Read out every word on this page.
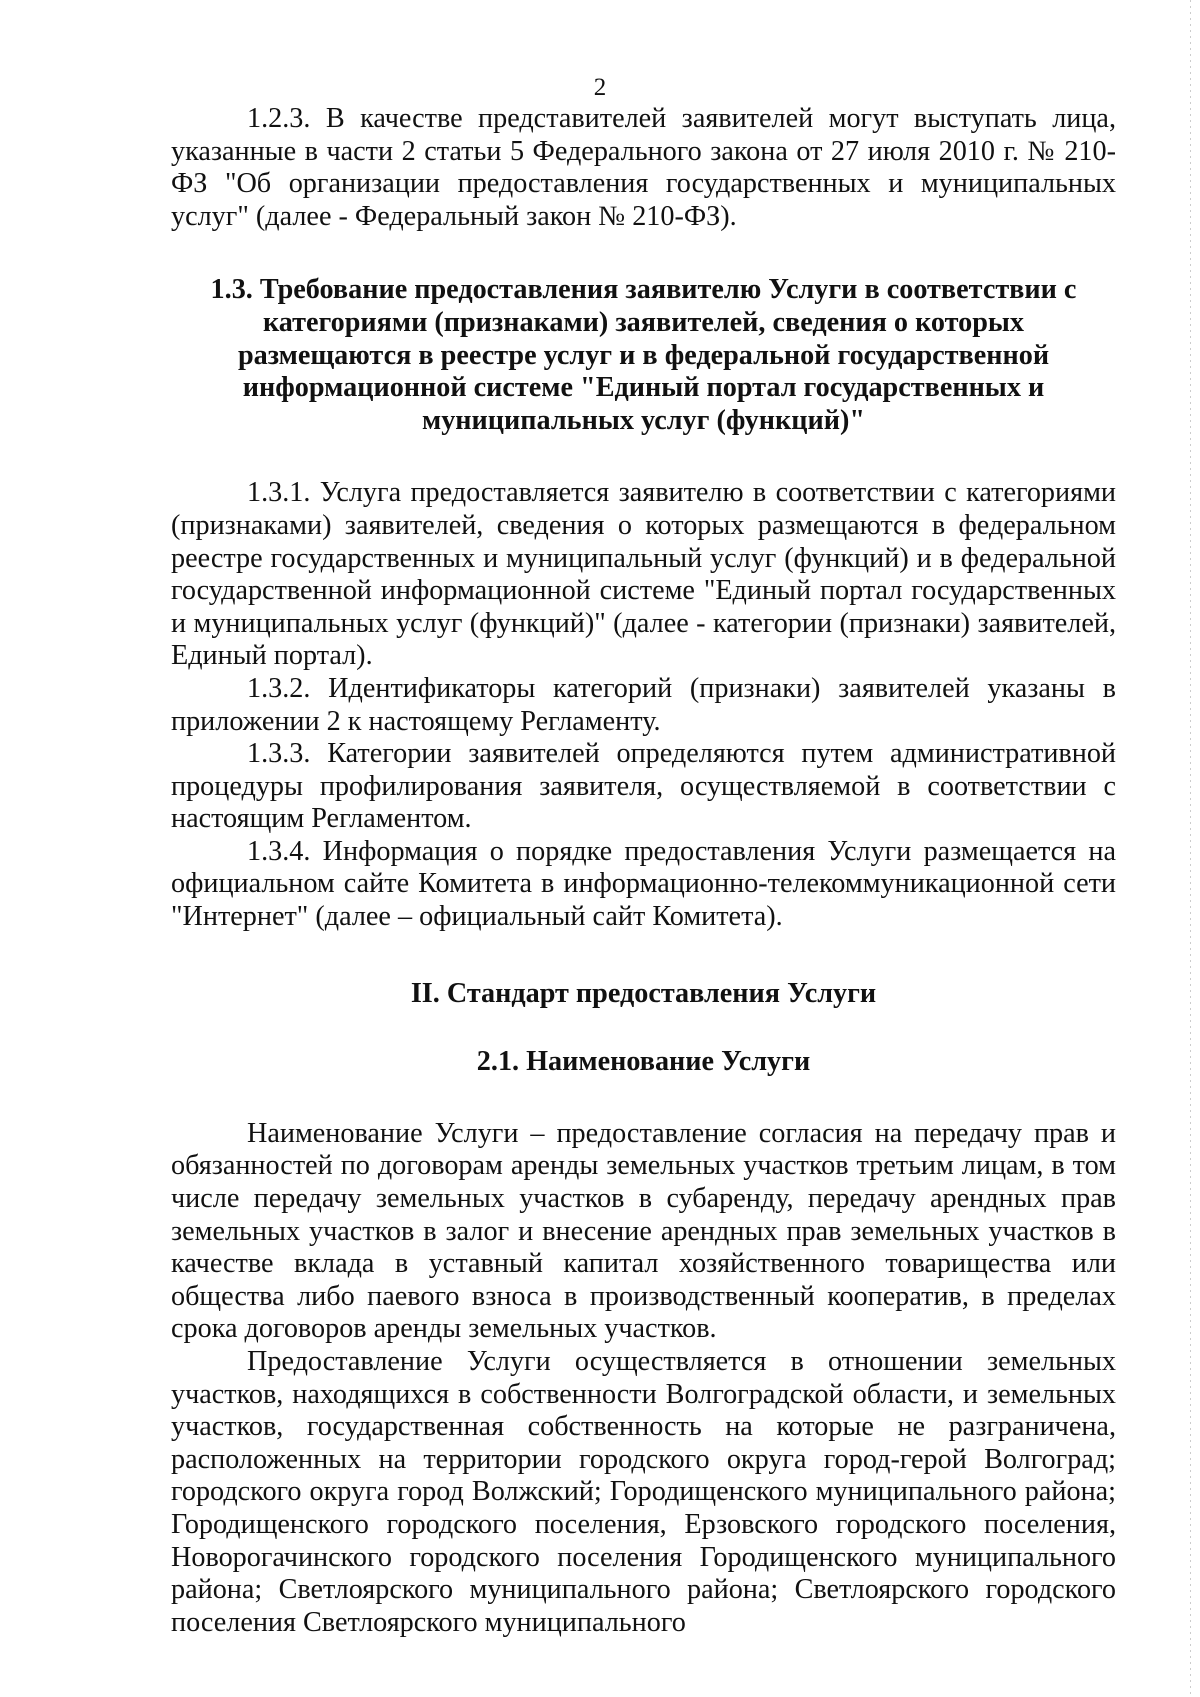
2

1.2.3. В качестве представителей заявителей могут выступать лица, указанные в части 2 статьи 5 Федерального закона от 27 июля 2010 г. № 210-ФЗ "Об организации предоставления государственных и муниципальных услуг" (далее - Федеральный закон № 210-ФЗ).

1.3. Требование предоставления заявителю Услуги в соответствии с категориями (признаками) заявителей, сведения о которых размещаются в реестре услуг и в федеральной государственной информационной системе "Единый портал государственных и муниципальных услуг (функций)"

1.3.1. Услуга предоставляется заявителю в соответствии с категориями (признаками) заявителей, сведения о которых размещаются в федеральном реестре государственных и муниципальный услуг (функций) и в федеральной государственной информационной системе "Единый портал государственных и муниципальных услуг (функций)" (далее - категории (признаки) заявителей, Единый портал).

1.3.2. Идентификаторы категорий (признаки) заявителей указаны в приложении 2 к настоящему Регламенту.

1.3.3. Категории заявителей определяются путем административной процедуры профилирования заявителя, осуществляемой в соответствии с настоящим Регламентом.

1.3.4. Информация о порядке предоставления Услуги размещается на официальном сайте Комитета в информационно-телекоммуникационной сети "Интернет" (далее – официальный сайт Комитета).

II. Стандарт предоставления Услуги

2.1. Наименование Услуги

Наименование Услуги – предоставление согласия на передачу прав и обязанностей по договорам аренды земельных участков третьим лицам, в том числе передачу земельных участков в субаренду, передачу арендных прав земельных участков в залог и внесение арендных прав земельных участков в качестве вклада в уставный капитал хозяйственного товарищества или общества либо паевого взноса в производственный кооператив, в пределах срока договоров аренды земельных участков.

Предоставление Услуги осуществляется в отношении земельных участков, находящихся в собственности Волгоградской области, и земельных участков, государственная собственность на которые не разграничена, расположенных на территории городского округа город-герой Волгоград; городского округа город Волжский; Городищенского муниципального района; Городищенского городского поселения, Ерзовского городского поселения, Новорогачинского городского поселения Городищенского муниципального района; Светлоярского муниципального района; Светлоярского городского поселения Светлоярского муниципального
